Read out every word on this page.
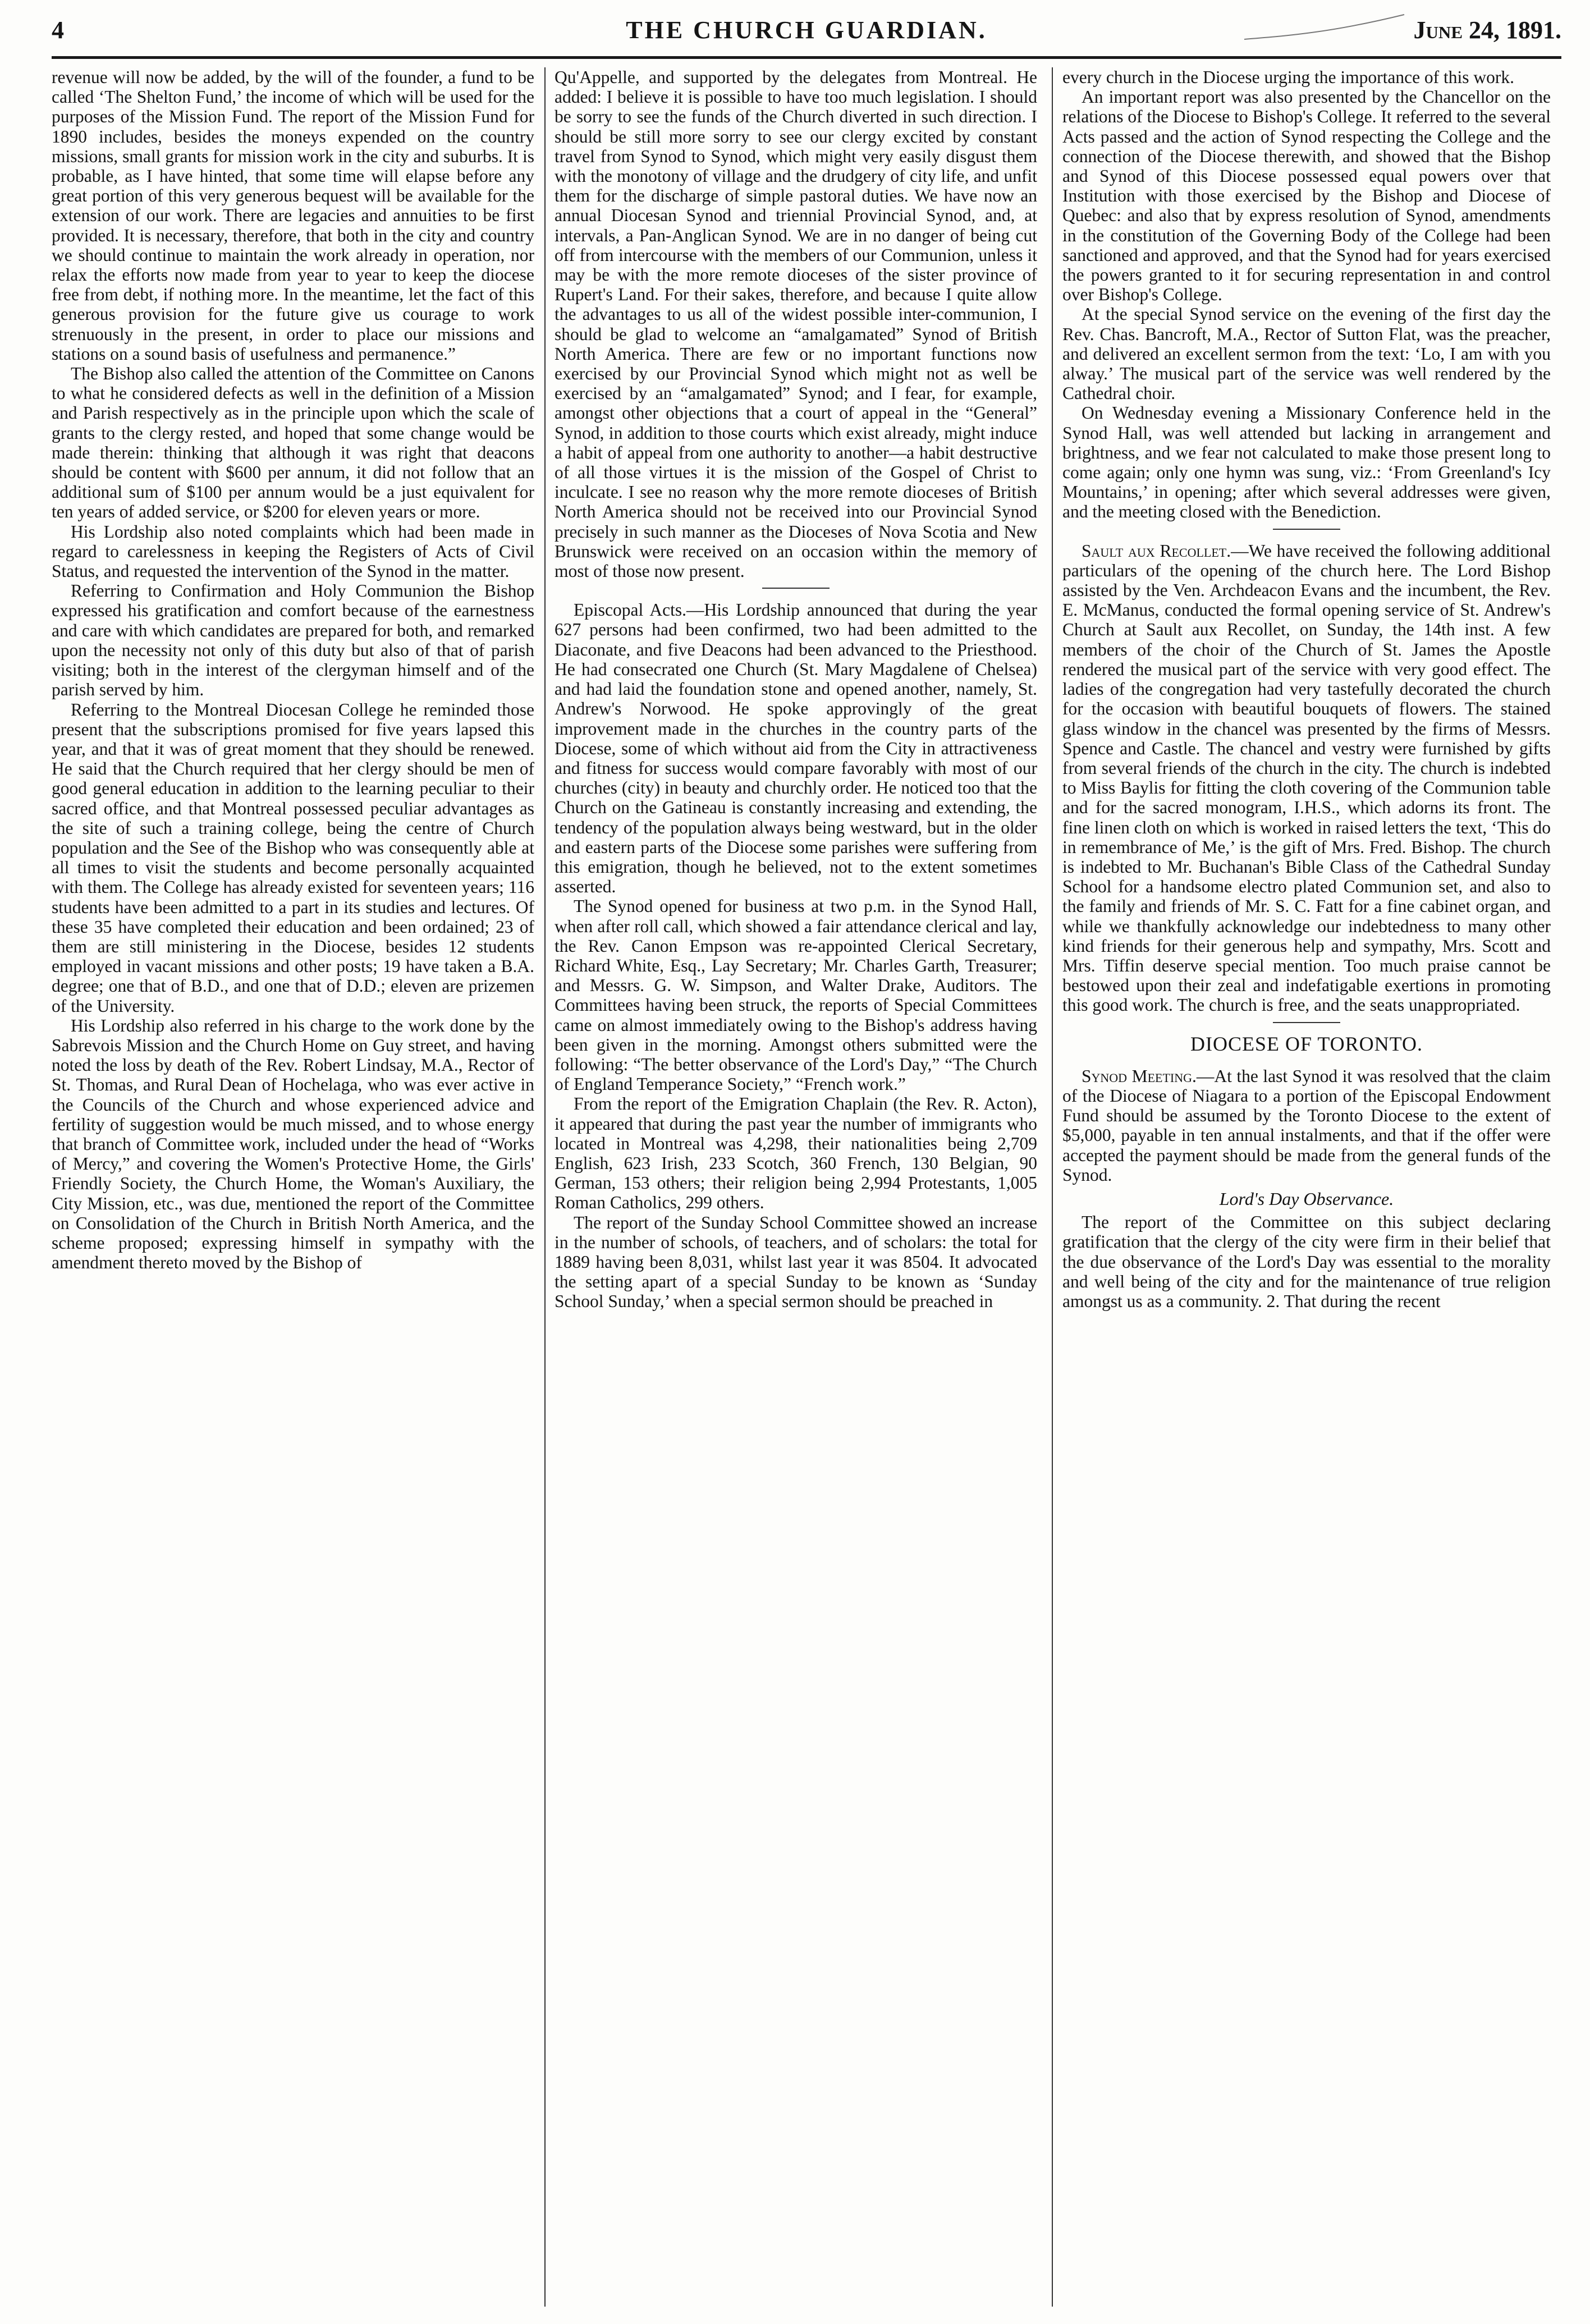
4	THE CHURCH GUARDIAN.	June 24, 1891.

revenue will now be added, by the will of the founder, a fund to be called ‘The Shelton Fund,’ the income of which will be used for the purposes of the Mission Fund. The report of the Mission Fund for 1890 includes, besides the moneys expended on the country missions, small grants for mission work in the city and suburbs. It is probable, as I have hinted, that some time will elapse before any great portion of this very generous bequest will be available for the extension of our work. There are legacies and annuities to be first provided. It is necessary, therefore, that both in the city and country we should continue to maintain the work already in operation, nor relax the efforts now made from year to year to keep the diocese free from debt, if nothing more. In the meantime, let the fact of this generous provision for the future give us courage to work strenuously in the present, in order to place our missions and stations on a sound basis of usefulness and permanence.”

The Bishop also called the attention of the Committee on Canons to what he considered defects as well in the definition of a Mission and Parish respectively as in the principle upon which the scale of grants to the clergy rested, and hoped that some change would be made therein: thinking that although it was right that deacons should be content with $600 per annum, it did not follow that an additional sum of $100 per annum would be a just equivalent for ten years of added service, or $200 for eleven years or more.

His Lordship also noted complaints which had been made in regard to carelessness in keeping the Registers of Acts of Civil Status, and requested the intervention of the Synod in the matter.

Referring to Confirmation and Holy Communion the Bishop expressed his gratification and comfort because of the earnestness and care with which candidates are prepared for both, and remarked upon the necessity not only of this duty but also of that of parish visiting; both in the interest of the clergyman himself and of the parish served by him.

Referring to the Montreal Diocesan College he reminded those present that the subscriptions promised for five years lapsed this year, and that it was of great moment that they should be renewed. He said that the Church required that her clergy should be men of good general education in addition to the learning peculiar to their sacred office, and that Montreal possessed peculiar advantages as the site of such a training college, being the centre of Church population and the See of the Bishop who was consequently able at all times to visit the students and become personally acquainted with them. The College has already existed for seventeen years; 116 students have been admitted to a part in its studies and lectures. Of these 35 have completed their education and been ordained; 23 of them are still ministering in the Diocese, besides 12 students employed in vacant missions and other posts; 19 have taken a B.A. degree; one that of B.D., and one that of D.D.; eleven are prizemen of the University.

His Lordship also referred in his charge to the work done by the Sabrevois Mission and the Church Home on Guy street, and having noted the loss by death of the Rev. Robert Lindsay, M.A., Rector of St. Thomas, and Rural Dean of Hochelaga, who was ever active in the Councils of the Church and whose experienced advice and fertility of suggestion would be much missed, and to whose energy that branch of Committee work, included under the head of “Works of Mercy,” and covering the Women's Protective Home, the Girls' Friendly Society, the Church Home, the Woman's Auxiliary, the City Mission, etc., was due, mentioned the report of the Committee on Consolidation of the Church in British North America, and the scheme proposed; expressing himself in sympathy with the amendment thereto moved by the Bishop of

Qu'Appelle, and supported by the delegates from Montreal. He added: I believe it is possible to have too much legislation. I should be sorry to see the funds of the Church diverted in such direction. I should be still more sorry to see our clergy excited by constant travel from Synod to Synod, which might very easily disgust them with the monotony of village and the drudgery of city life, and unfit them for the discharge of simple pastoral duties. We have now an annual Diocesan Synod and triennial Provincial Synod, and, at intervals, a Pan-Anglican Synod. We are in no danger of being cut off from intercourse with the members of our Communion, unless it may be with the more remote dioceses of the sister province of Rupert's Land. For their sakes, therefore, and because I quite allow the advantages to us all of the widest possible inter-communion, I should be glad to welcome an “amalgamated” Synod of British North America. There are few or no important functions now exercised by our Provincial Synod which might not as well be exercised by an “amalgamated” Synod; and I fear, for example, amongst other objections that a court of appeal in the “General” Synod, in addition to those courts which exist already, might induce a habit of appeal from one authority to another—a habit destructive of all those virtues it is the mission of the Gospel of Christ to inculcate. I see no reason why the more remote dioceses of British North America should not be received into our Provincial Synod precisely in such manner as the Dioceses of Nova Scotia and New Brunswick were received on an occasion within the memory of most of those now present.

Episcopal Acts.—His Lordship announced that during the year 627 persons had been confirmed, two had been admitted to the Diaconate, and five Deacons had been advanced to the Priesthood. He had consecrated one Church (St. Mary Magdalene of Chelsea) and had laid the foundation stone and opened another, namely, St. Andrew's Norwood. He spoke approvingly of the great improvement made in the churches in the country parts of the Diocese, some of which without aid from the City in attractiveness and fitness for success would compare favorably with most of our churches (city) in beauty and churchly order. He noticed too that the Church on the Gatineau is constantly increasing and extending, the tendency of the population always being westward, but in the older and eastern parts of the Diocese some parishes were suffering from this emigration, though he believed, not to the extent sometimes asserted.

The Synod opened for business at two p.m. in the Synod Hall, when after roll call, which showed a fair attendance clerical and lay, the Rev. Canon Empson was re-appointed Clerical Secretary, Richard White, Esq., Lay Secretary; Mr. Charles Garth, Treasurer; and Messrs. G. W. Simpson, and Walter Drake, Auditors. The Committees having been struck, the reports of Special Committees came on almost immediately owing to the Bishop's address having been given in the morning. Amongst others submitted were the following: “The better observance of the Lord's Day,” “The Church of England Temperance Society,” “French work.”

From the report of the Emigration Chaplain (the Rev. R. Acton), it appeared that during the past year the number of immigrants who located in Montreal was 4,298, their nationalities being 2,709 English, 623 Irish, 233 Scotch, 360 French, 130 Belgian, 90 German, 153 others; their religion being 2,994 Protestants, 1,005 Roman Catholics, 299 others.

The report of the Sunday School Committee showed an increase in the number of schools, of teachers, and of scholars: the total for 1889 having been 8,031, whilst last year it was 8504. It advocated the setting apart of a special Sunday to be known as ‘Sunday School Sunday,’ when a special sermon should be preached in

every church in the Diocese urging the importance of this work.

An important report was also presented by the Chancellor on the relations of the Diocese to Bishop's College. It referred to the several Acts passed and the action of Synod respecting the College and the connection of the Diocese therewith, and showed that the Bishop and Synod of this Diocese possessed equal powers over that Institution with those exercised by the Bishop and Diocese of Quebec: and also that by express resolution of Synod, amendments in the constitution of the Governing Body of the College had been sanctioned and approved, and that the Synod had for years exercised the powers granted to it for securing representation in and control over Bishop's College.

At the special Synod service on the evening of the first day the Rev. Chas. Bancroft, M.A., Rector of Sutton Flat, was the preacher, and delivered an excellent sermon from the text: ‘Lo, I am with you alway.’ The musical part of the service was well rendered by the Cathedral choir.

On Wednesday evening a Missionary Conference held in the Synod Hall, was well attended but lacking in arrangement and brightness, and we fear not calculated to make those present long to come again; only one hymn was sung, viz.: ‘From Greenland's Icy Mountains,’ in opening; after which several addresses were given, and the meeting closed with the Benediction.

Sault aux Recollet.—We have received the following additional particulars of the opening of the church here. The Lord Bishop assisted by the Ven. Archdeacon Evans and the incumbent, the Rev. E. McManus, conducted the formal opening service of St. Andrew's Church at Sault aux Recollet, on Sunday, the 14th inst. A few members of the choir of the Church of St. James the Apostle rendered the musical part of the service with very good effect. The ladies of the congregation had very tastefully decorated the church for the occasion with beautiful bouquets of flowers. The stained glass window in the chancel was presented by the firms of Messrs. Spence and Castle. The chancel and vestry were furnished by gifts from several friends of the church in the city. The church is indebted to Miss Baylis for fitting the cloth covering of the Communion table and for the sacred monogram, I.H.S., which adorns its front. The fine linen cloth on which is worked in raised letters the text, ‘This do in remembrance of Me,’ is the gift of Mrs. Fred. Bishop. The church is indebted to Mr. Buchanan's Bible Class of the Cathedral Sunday School for a handsome electro plated Communion set, and also to the family and friends of Mr. S. C. Fatt for a fine cabinet organ, and while we thankfully acknowledge our indebtedness to many other kind friends for their generous help and sympathy, Mrs. Scott and Mrs. Tiffin deserve special mention. Too much praise cannot be bestowed upon their zeal and indefatigable exertions in promoting this good work. The church is free, and the seats unappropriated.

DIOCESE OF TORONTO.

Synod Meeting.—At the last Synod it was resolved that the claim of the Diocese of Niagara to a portion of the Episcopal Endowment Fund should be assumed by the Toronto Diocese to the extent of $5,000, payable in ten annual instalments, and that if the offer were accepted the payment should be made from the general funds of the Synod.

Lord's Day Observance.

The report of the Committee on this subject declaring gratification that the clergy of the city were firm in their belief that the due observance of the Lord's Day was essential to the morality and well being of the city and for the maintenance of true religion amongst us as a community. 2. That during the recent
